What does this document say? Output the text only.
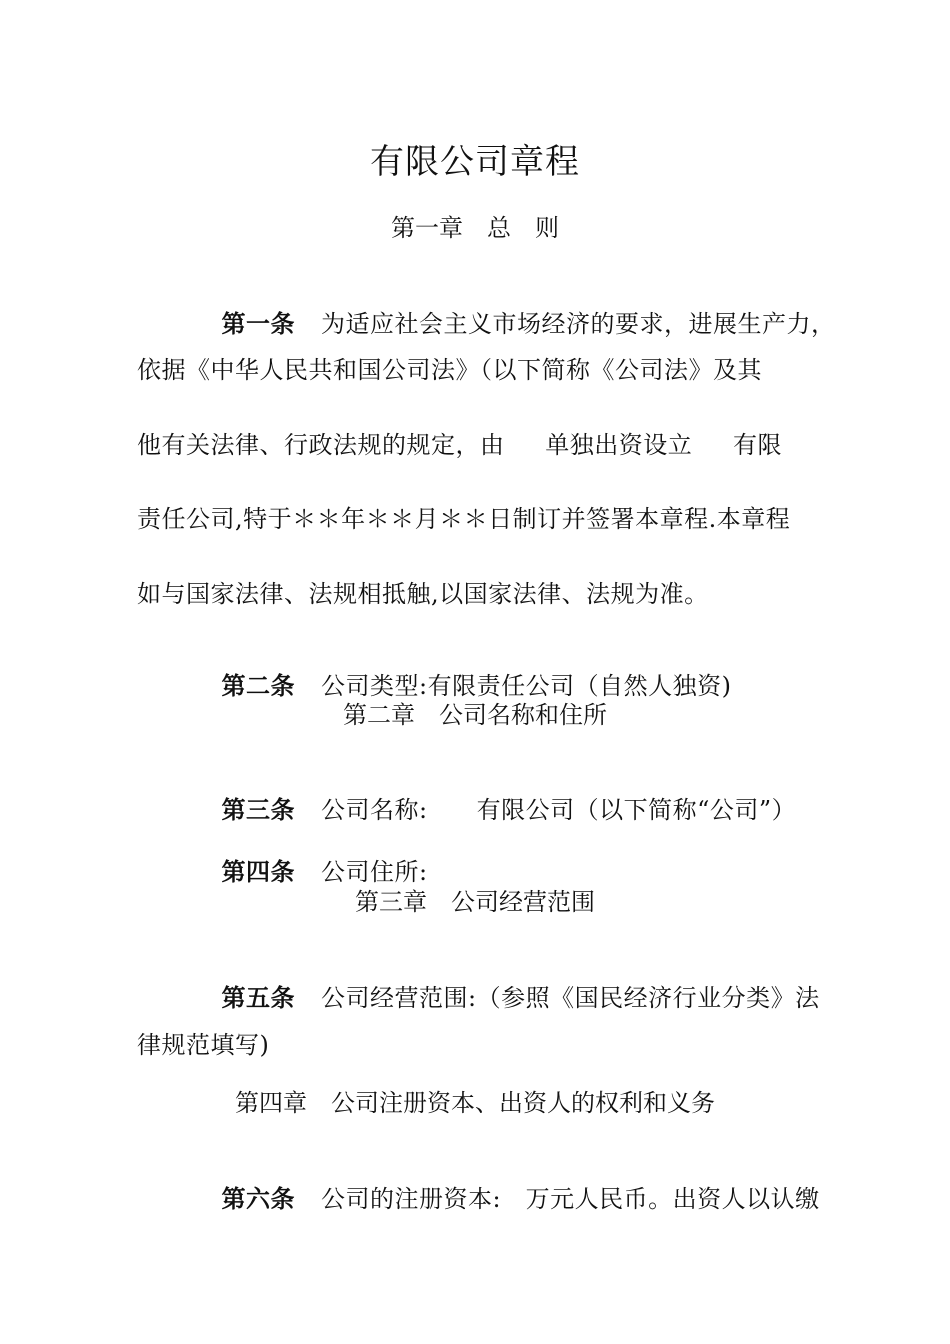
有限公司章程
第一章　总　则

第一条 为适应社会主义市场经济的要求，进展生产力，

依据《中华人民共和国公司法》（以下简称《公司法》及其
他有关法律、行政法规的规定，由　  单独出资设立　  有限
责任公司,特于＊＊年＊＊月＊＊日制订并签署本章程.本章程
如与国家法律、法规相抵触,以国家法律、法规为准。

第二条 公司类型:有限责任公司（自然人独资)

第二章　公司名称和住所

第三条 公司名称:　　有限公司（以下简称“公司”）

第四条 公司住所:

第三章　公司经营范围

第五条 公司经营范围:（参照《国民经济行业分类》法

律规范填写)
第四章　公司注册资本、出资人的权利和义务

第六条 公司的注册资本:　万元人民币。出资人以认缴
